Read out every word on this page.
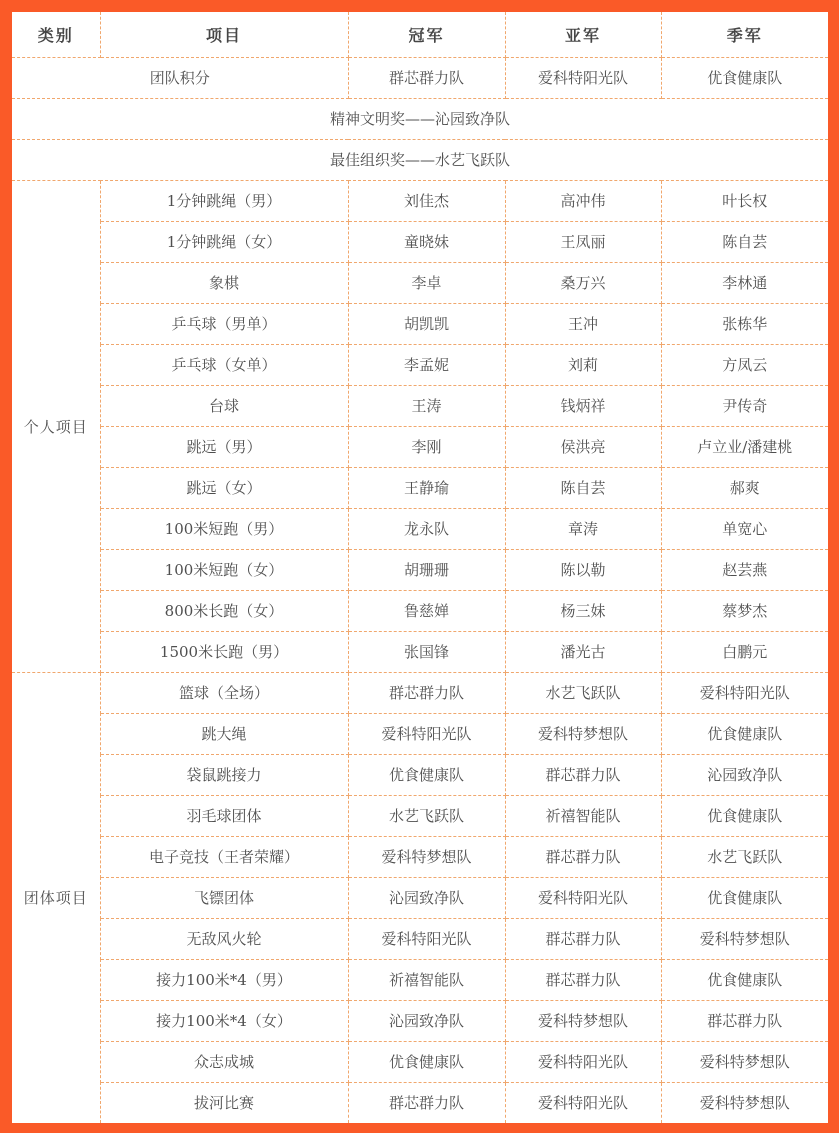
类别	项目	冠军	亚军	季军
团队积分		群芯群力队	爱科特阳光队	优食健康队
精神文明奖——沁园致净队				
最佳组织奖——水艺飞跃队				
个人项目	1分钟跳绳（男）	刘佳杰	高冲伟	叶长权
	1分钟跳绳（女）	童晓妹	王凤丽	陈自芸
	象棋	李卓	桑万兴	李林通
	乒乓球（男单）	胡凯凯	王冲	张栋华
	乒乓球（女单）	李孟妮	刘莉	方凤云
	台球	王涛	钱炳祥	尹传奇
	跳远（男）	李刚	侯洪亮	卢立业/潘建桃
	跳远（女）	王静瑜	陈自芸	郝爽
	100米短跑（男）	龙永队	章涛	单宽心
	100米短跑（女）	胡珊珊	陈以勒	赵芸燕
	800米长跑（女）	鲁慈婵	杨三妹	蔡梦杰
	1500米长跑（男）	张国锋	潘光古	白鹏元
团体项目	篮球（全场）	群芯群力队	水艺飞跃队	爱科特阳光队
	跳大绳	爱科特阳光队	爱科特梦想队	优食健康队
	袋鼠跳接力	优食健康队	群芯群力队	沁园致净队
	羽毛球团体	水艺飞跃队	祈禧智能队	优食健康队
	电子竞技（王者荣耀）	爱科特梦想队	群芯群力队	水艺飞跃队
	飞镖团体	沁园致净队	爱科特阳光队	优食健康队
	无敌风火轮	爱科特阳光队	群芯群力队	爱科特梦想队
	接力100米*4（男）	祈禧智能队	群芯群力队	优食健康队
	接力100米*4（女）	沁园致净队	爱科特梦想队	群芯群力队
	众志成城	优食健康队	爱科特阳光队	爱科特梦想队
	拔河比赛	群芯群力队	爱科特阳光队	爱科特梦想队
